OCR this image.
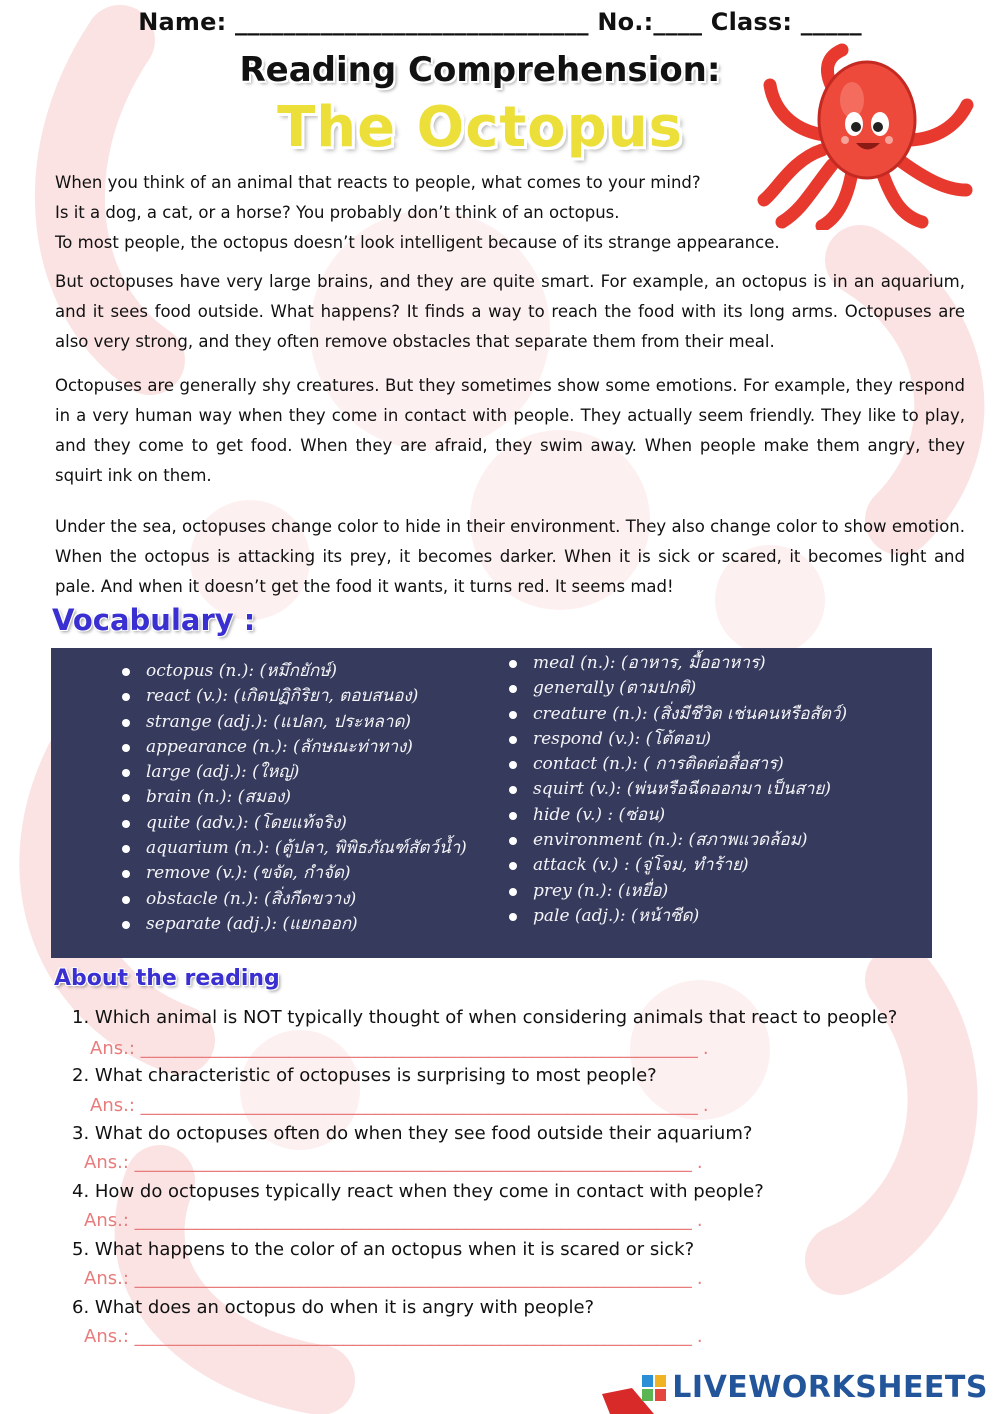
Name: _____________________________ No.:____ Class: _____
Reading Comprehension:
The Octopus
When you think of an animal that reacts to people, what comes to your mind?
Is it a dog, a cat, or a horse? You probably don’t think of an octopus.
To most people, the octopus doesn’t look intelligent because of its strange appearance.
But octopuses have very large brains, and they are quite smart. For example, an octopus is in an aquarium, and it sees food outside. What happens? It finds a way to reach the food with its long arms. Octopuses are also very strong, and they often remove obstacles that separate them from their meal.
Octopuses are generally shy creatures. But they sometimes show some emotions. For example, they respond in a very human way when they come in contact with people. They actually seem friendly. They like to play, and they come to get food. When they are afraid, they swim away. When people make them angry, they squirt ink on them.
Under the sea, octopuses change color to hide in their environment. They also change color to show emotion. When the octopus is attacking its prey, it becomes darker. When it is sick or scared, it becomes light and pale. And when it doesn’t get the food it wants, it turns red. It seems mad!
Vocabulary :
octopus (n.): (หมึกยักษ์)
react (v.): (เกิดปฏิกิริยา, ตอบสนอง)
strange (adj.): (แปลก, ประหลาด)
appearance (n.): (ลักษณะท่าทาง)
large (adj.): (ใหญ่)
brain (n.): (สมอง)
quite (adv.): (โดยแท้จริง)
aquarium (n.): (ตู้ปลา, พิพิธภัณฑ์สัตว์น้ำ)
remove (v.): (ขจัด, กำจัด)
obstacle (n.): (สิ่งกีดขวาง)
separate (adj.): (แยกออก)
meal (n.): (อาหาร, มื้ออาหาร)
generally (ตามปกติ)
creature (n.): (สิ่งมีชีวิต เช่นคนหรือสัตว์)
respond (v.): (โต้ตอบ)
contact (n.): ( การติดต่อสื่อสาร)
squirt (v.): (พ่นหรือฉีดออกมา เป็นสาย)
hide (v.) : (ซ่อน)
environment (n.): (สภาพแวดล้อม)
attack (v.) : (จู่โจม, ทำร้าย)
prey (n.): (เหยื่อ)
pale (adj.): (หน้าซีด)
About the reading
1. Which animal is NOT typically thought of when considering animals that react to people?
Ans.: ________________________________________________________________ .
2. What characteristic of octopuses is surprising to most people?
Ans.: ________________________________________________________________ .
3. What do octopuses often do when they see food outside their aquarium?
Ans.: ________________________________________________________________ .
4. How do octopuses typically react when they come in contact with people?
Ans.: ________________________________________________________________ .
5. What happens to the color of an octopus when it is scared or sick?
Ans.: ________________________________________________________________ .
6. What does an octopus do when it is angry with people?
Ans.: ________________________________________________________________ .
LIVEWORKSHEETS
